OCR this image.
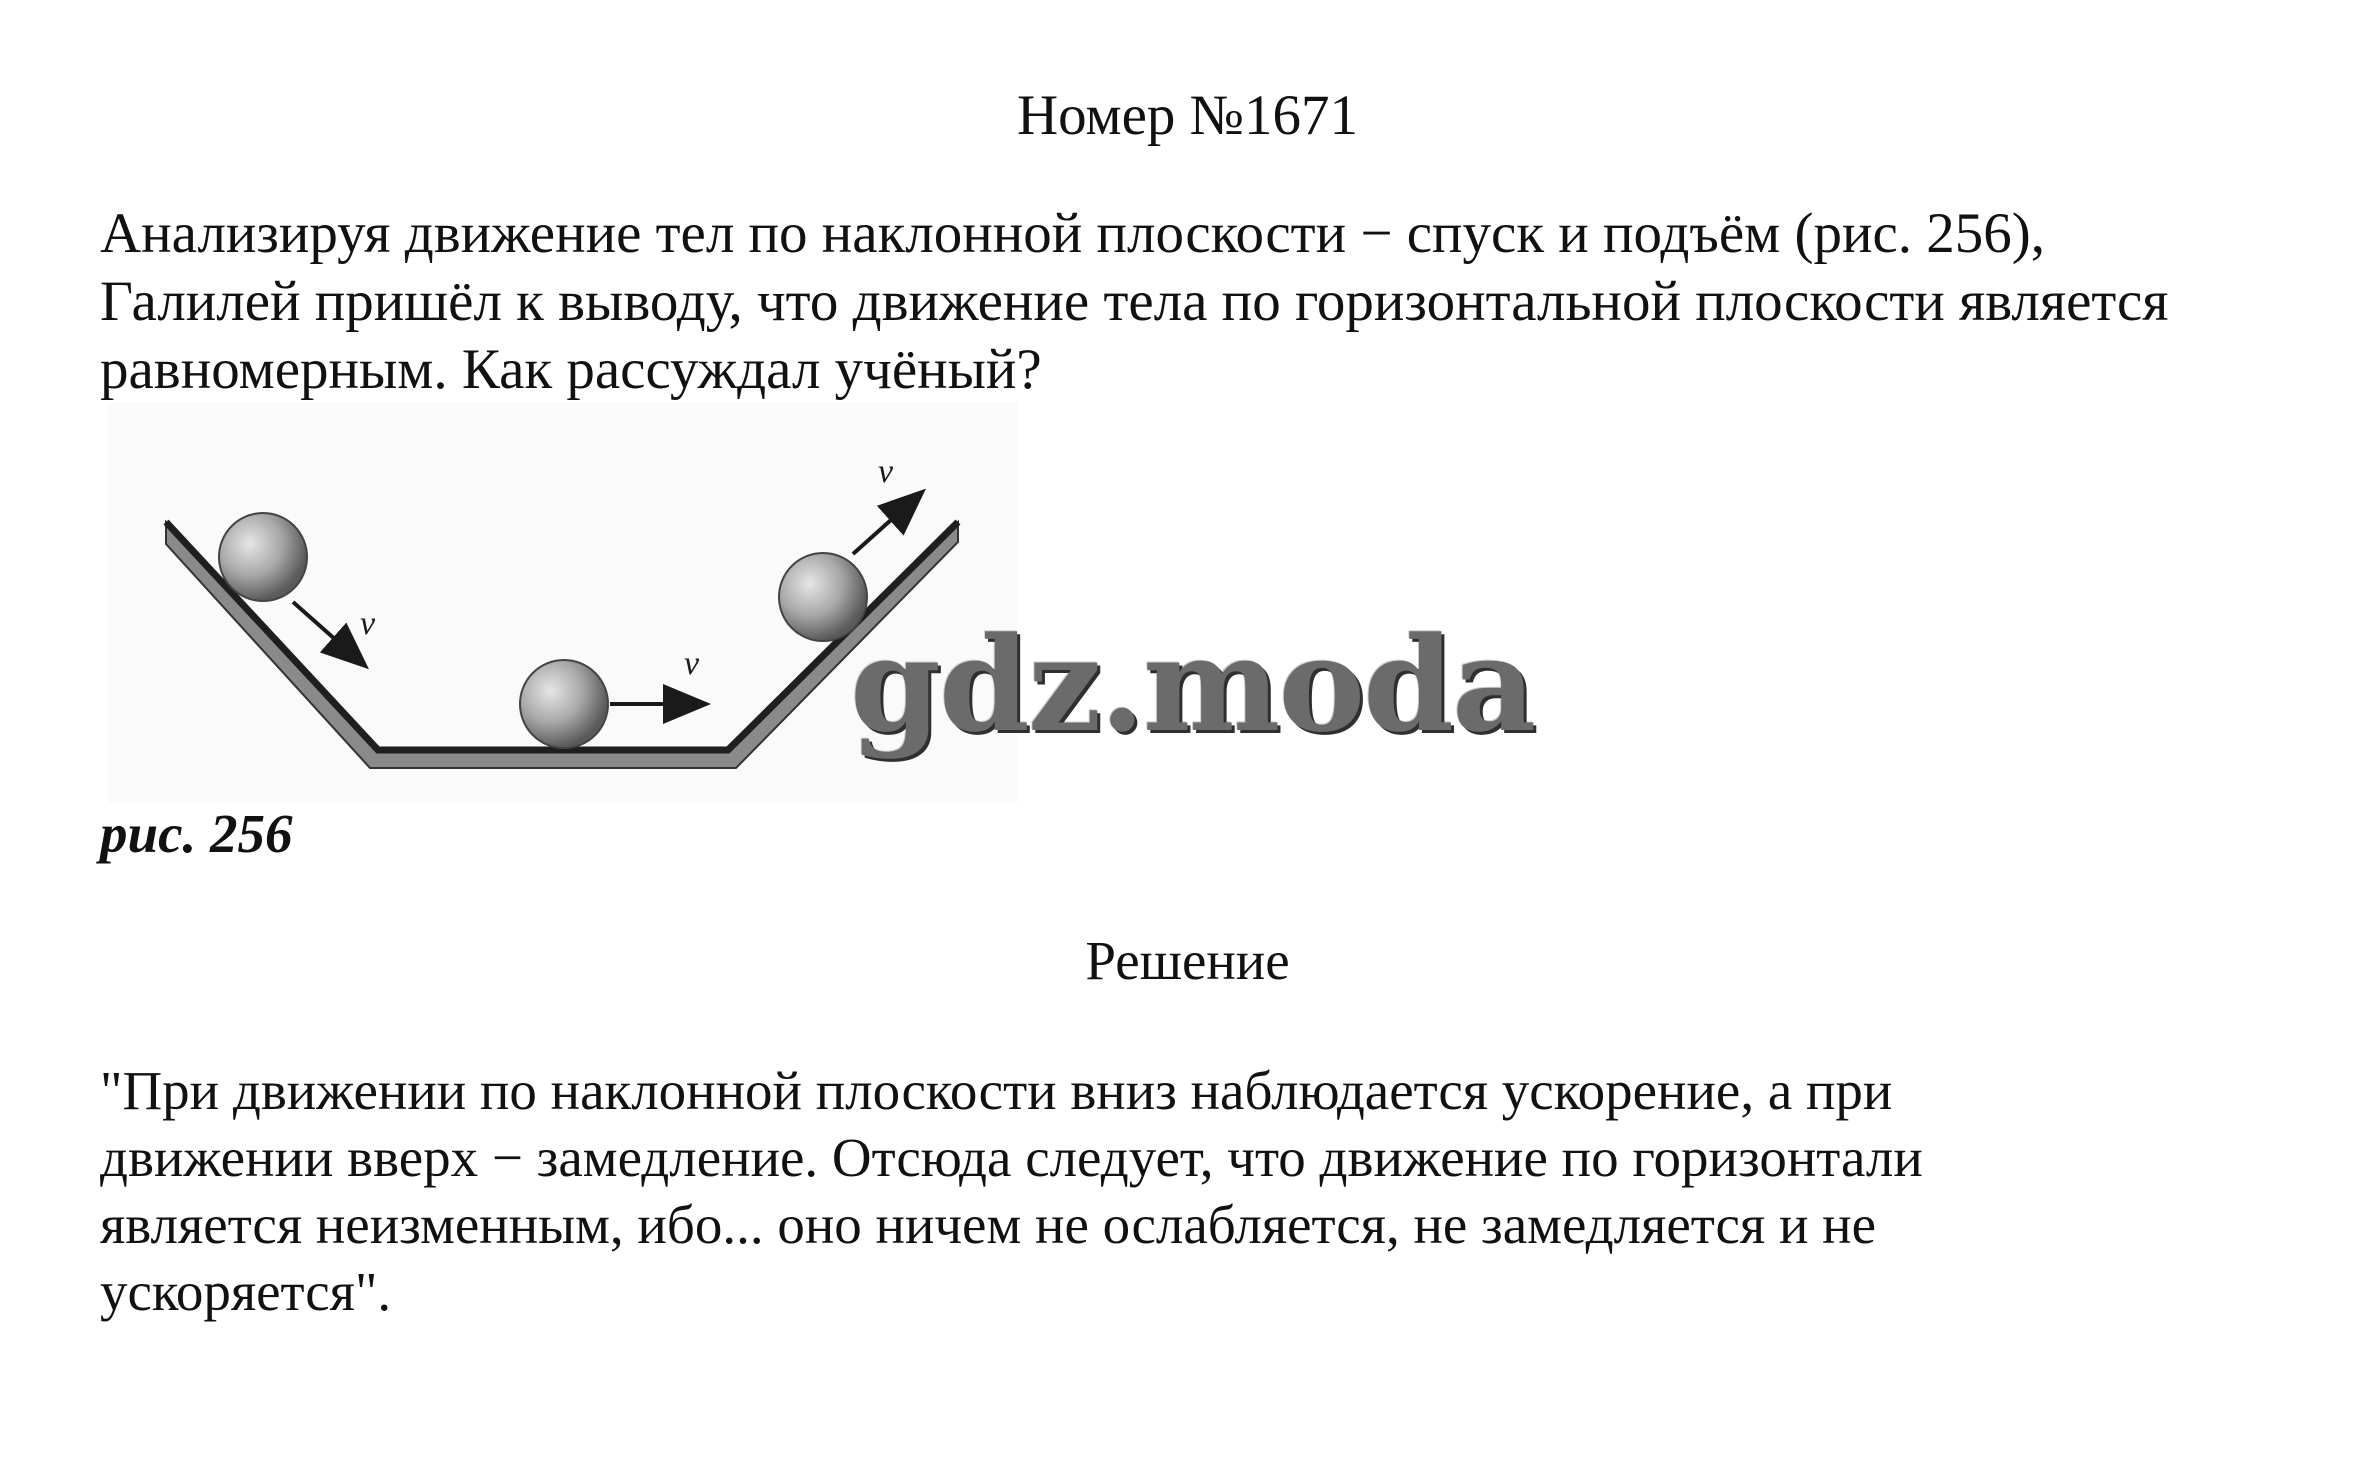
Номер №1671
Анализируя движение тел по наклонной плоскости − спуск и подъём (рис. 256),
Галилей пришёл к выводу, что движение тела по горизонтальной плоскости является
равномерным. Как рассуждал учёный?
v⃗
v⃗
v⃗
gdz.moda
рис. 256
Решение
"При движении по наклонной плоскости вниз наблюдается ускорение, а при
движении вверх − замедление. Отсюда следует, что движение по горизонтали
является неизменным, ибо... оно ничем не ослабляется, не замедляется и не
ускоряется".
